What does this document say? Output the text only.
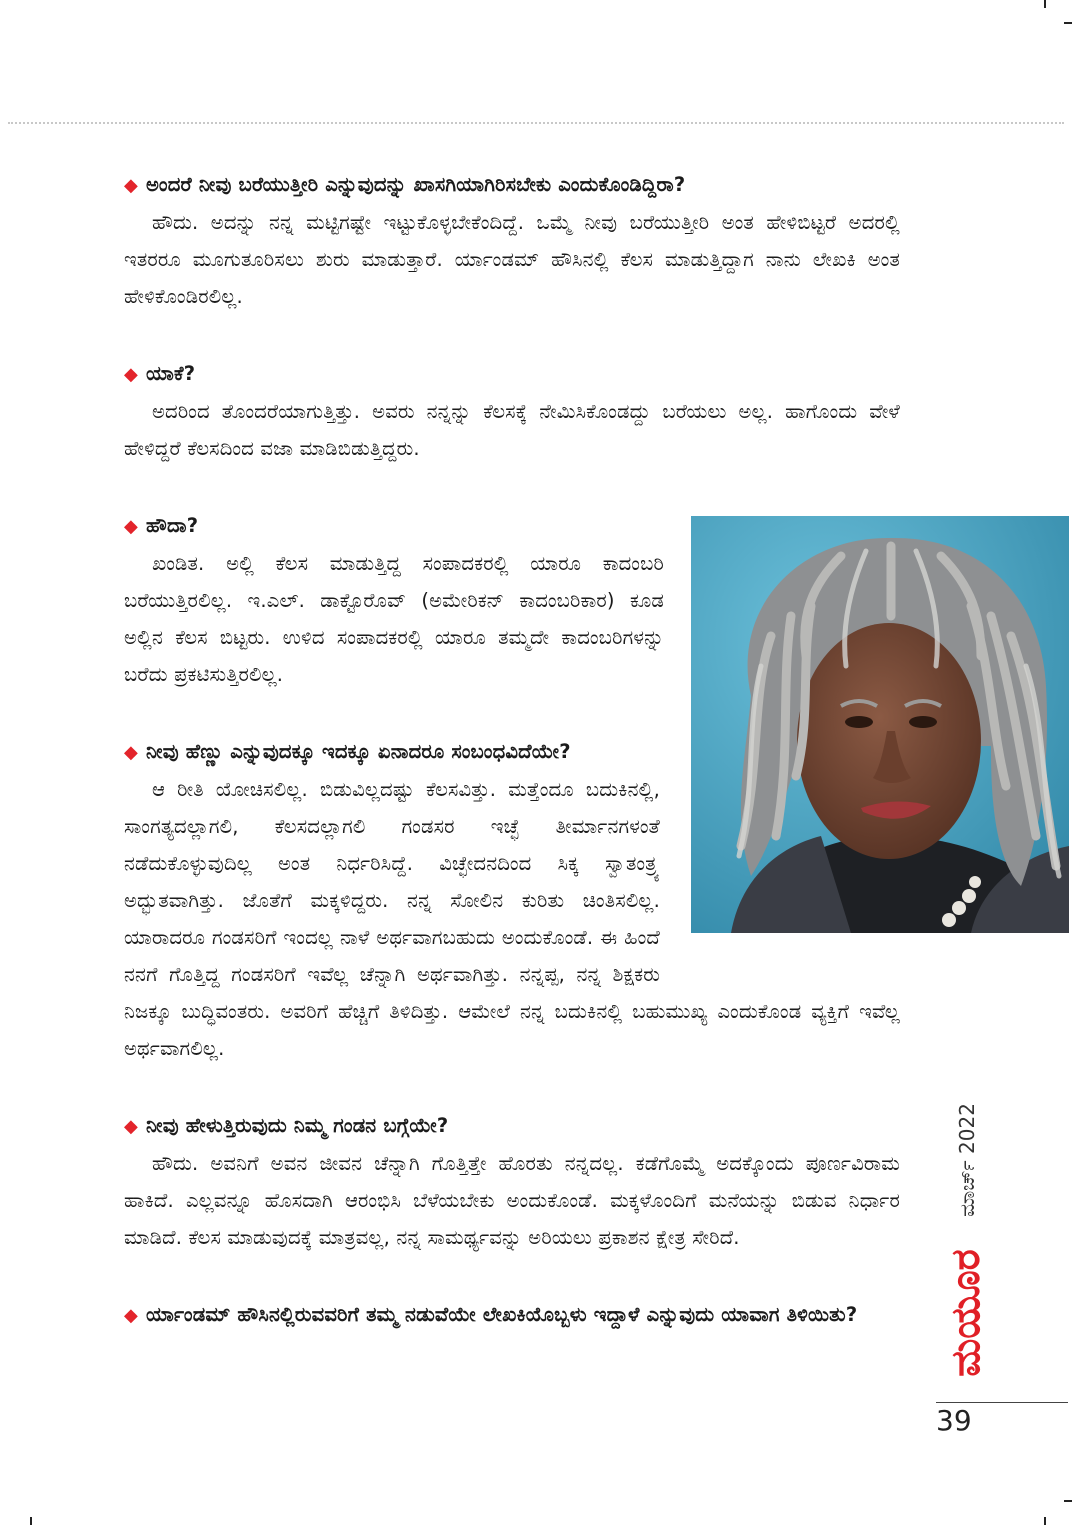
◆ ಅಂದರೆ ನೀವು ಬರೆಯುತ್ತೀರಿ ಎನ್ನುವುದನ್ನು ಖಾಸಗಿಯಾಗಿರಿಸಬೇಕು ಎಂದುಕೊಂಡಿದ್ದಿರಾ?

ಹೌದು. ಅದನ್ನು ನನ್ನ ಮಟ್ಟಿಗಷ್ಟೇ ಇಟ್ಟುಕೊಳ್ಳಬೇಕೆಂದಿದ್ದೆ. ಒಮ್ಮೆ ನೀವು ಬರೆಯುತ್ತೀರಿ ಅಂತ ಹೇಳಿಬಿಟ್ಟರೆ ಅದರಲ್ಲಿ ಇತರರೂ ಮೂಗುತೂರಿಸಲು ಶುರು ಮಾಡುತ್ತಾರೆ. ರ್ಯಾಂಡಮ್ ಹೌಸಿನಲ್ಲಿ ಕೆಲಸ ಮಾಡುತ್ತಿದ್ದಾಗ ನಾನು ಲೇಖಕಿ ಅಂತ ಹೇಳಿಕೊಂಡಿರಲಿಲ್ಲ.

◆ ಯಾಕೆ?

ಅದರಿಂದ ತೊಂದರೆಯಾಗುತ್ತಿತ್ತು. ಅವರು ನನ್ನನ್ನು ಕೆಲಸಕ್ಕೆ ನೇಮಿಸಿಕೊಂಡದ್ದು ಬರೆಯಲು ಅಲ್ಲ. ಹಾಗೊಂದು ವೇಳೆ ಹೇಳಿದ್ದರೆ ಕೆಲಸದಿಂದ ವಜಾ ಮಾಡಿಬಿಡುತ್ತಿದ್ದರು.

◆ ಹೌದಾ?

ಖಂಡಿತ. ಅಲ್ಲಿ ಕೆಲಸ ಮಾಡುತ್ತಿದ್ದ ಸಂಪಾದಕರಲ್ಲಿ ಯಾರೂ ಕಾದಂಬರಿ ಬರೆಯುತ್ತಿರಲಿಲ್ಲ. ಇ.ಎಲ್. ಡಾಕ್ಟೊರೊವ್ (ಅಮೇರಿಕನ್ ಕಾದಂಬರಿಕಾರ) ಕೂಡ ಅಲ್ಲಿನ ಕೆಲಸ ಬಿಟ್ಟರು. ಉಳಿದ ಸಂಪಾದಕರಲ್ಲಿ ಯಾರೂ ತಮ್ಮದೇ ಕಾದಂಬರಿಗಳನ್ನು ಬರೆದು ಪ್ರಕಟಿಸುತ್ತಿರಲಿಲ್ಲ.

◆ ನೀವು ಹೆಣ್ಣು ಎನ್ನುವುದಕ್ಕೂ ಇದಕ್ಕೂ ಏನಾದರೂ ಸಂಬಂಧವಿದೆಯೇ?

ಆ ರೀತಿ ಯೋಚಿಸಲಿಲ್ಲ. ಬಿಡುವಿಲ್ಲದಷ್ಟು ಕೆಲಸವಿತ್ತು. ಮತ್ತೆಂದೂ ಬದುಕಿನಲ್ಲಿ, ಸಾಂಗತ್ಯದಲ್ಲಾಗಲಿ, ಕೆಲಸದಲ್ಲಾಗಲಿ ಗಂಡಸರ ಇಚ್ಛೆ ತೀರ್ಮಾನಗಳಂತೆ ನಡೆದುಕೊಳ್ಳುವುದಿಲ್ಲ ಅಂತ ನಿರ್ಧರಿಸಿದ್ದೆ. ವಿಚ್ಛೇದನದಿಂದ ಸಿಕ್ಕ ಸ್ವಾತಂತ್ರ್ಯ ಅದ್ಭುತವಾಗಿತ್ತು. ಜೊತೆಗೆ ಮಕ್ಕಳಿದ್ದರು. ನನ್ನ ಸೋಲಿನ ಕುರಿತು ಚಿಂತಿಸಲಿಲ್ಲ. ಯಾರಾದರೂ ಗಂಡಸರಿಗೆ ಇಂದಲ್ಲ ನಾಳೆ ಅರ್ಥವಾಗಬಹುದು ಅಂದುಕೊಂಡೆ. ಈ ಹಿಂದೆ ನನಗೆ ಗೊತ್ತಿದ್ದ ಗಂಡಸರಿಗೆ ಇವೆಲ್ಲ ಚೆನ್ನಾಗಿ ಅರ್ಥವಾಗಿತ್ತು. ನನ್ನಪ್ಪ, ನನ್ನ ಶಿಕ್ಷಕರು ನಿಜಕ್ಕೂ ಬುದ್ಧಿವಂತರು. ಅವರಿಗೆ ಹೆಚ್ಚಿಗೆ ತಿಳಿದಿತ್ತು. ಆಮೇಲೆ ನನ್ನ ಬದುಕಿನಲ್ಲಿ ಬಹುಮುಖ್ಯ ಎಂದುಕೊಂಡ ವ್ಯಕ್ತಿಗೆ ಇವೆಲ್ಲ ಅರ್ಥವಾಗಲಿಲ್ಲ.

◆ ನೀವು ಹೇಳುತ್ತಿರುವುದು ನಿಮ್ಮ ಗಂಡನ ಬಗ್ಗೆಯೇ?

ಹೌದು. ಅವನಿಗೆ ಅವನ ಜೀವನ ಚೆನ್ನಾಗಿ ಗೊತ್ತಿತ್ತೇ ಹೊರತು ನನ್ನದಲ್ಲ. ಕಡೆಗೊಮ್ಮೆ ಅದಕ್ಕೊಂದು ಪೂರ್ಣವಿರಾಮ ಹಾಕಿದೆ. ಎಲ್ಲವನ್ನೂ ಹೊಸದಾಗಿ ಆರಂಭಿಸಿ ಬೆಳೆಯಬೇಕು ಅಂದುಕೊಂಡೆ. ಮಕ್ಕಳೊಂದಿಗೆ ಮನೆಯನ್ನು ಬಿಡುವ ನಿರ್ಧಾರ ಮಾಡಿದೆ. ಕೆಲಸ ಮಾಡುವುದಕ್ಕೆ ಮಾತ್ರವಲ್ಲ, ನನ್ನ ಸಾಮರ್ಥ್ಯವನ್ನು ಅರಿಯಲು ಪ್ರಕಾಶನ ಕ್ಷೇತ್ರ ಸೇರಿದೆ.

◆ ರ್ಯಾಂಡಮ್ ಹೌಸಿನಲ್ಲಿರುವವರಿಗೆ ತಮ್ಮ ನಡುವೆಯೇ ಲೇಖಕಿಯೊಬ್ಬಳು ಇದ್ದಾಳೆ ಎನ್ನುವುದು ಯಾವಾಗ ತಿಳಿಯಿತು?

ಮಾರ್ಚ್ 2022
ಮಯೂರ
39
